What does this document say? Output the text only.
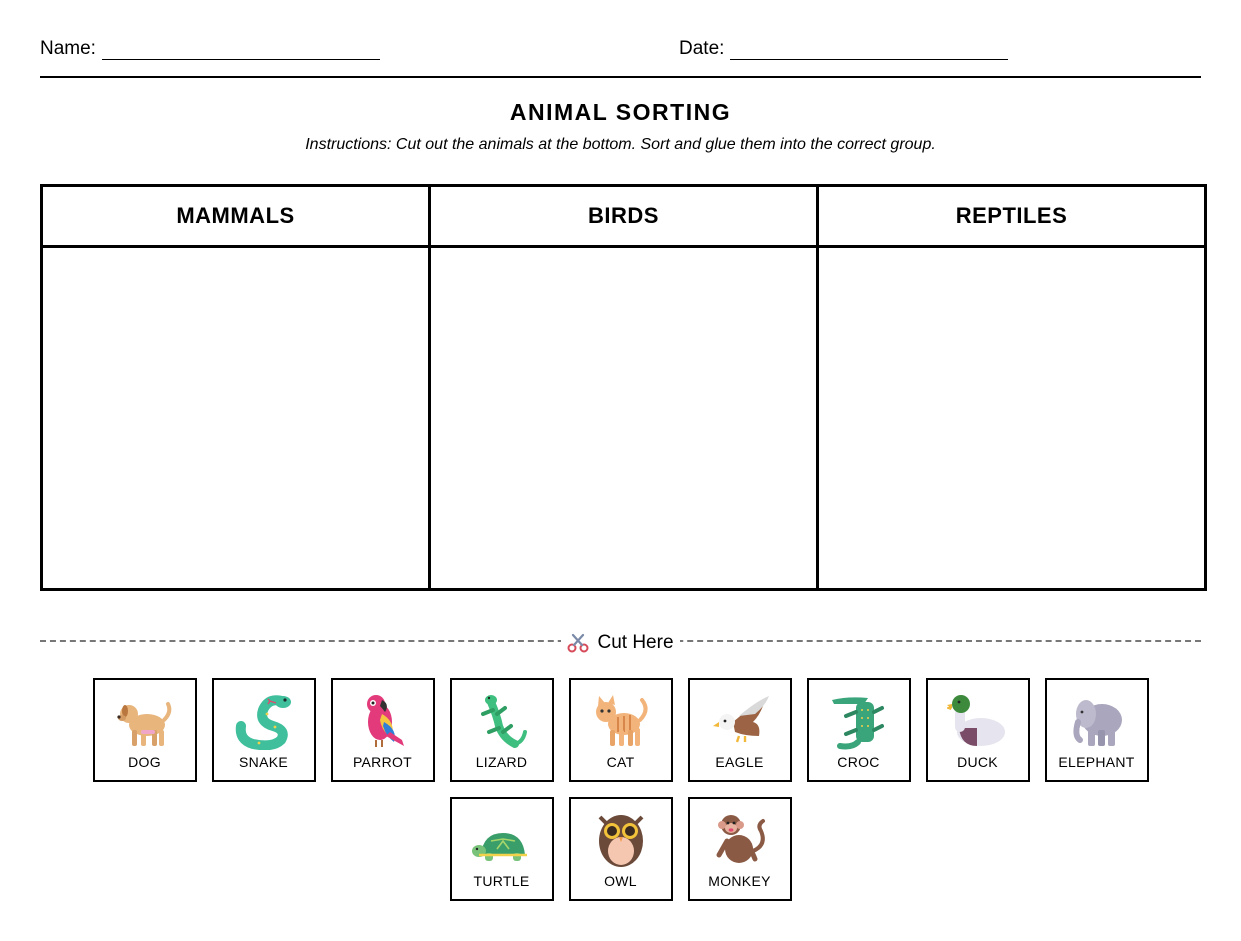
Name:	Date:
ANIMAL SORTING
Instructions: Cut out the animals at the bottom. Sort and glue them into the correct group.
MAMMALS	BIRDS	REPTILES
Cut Here
DOG	SNAKE	PARROT	LIZARD	CAT	EAGLE	CROC	DUCK	ELEPHANT
TURTLE	OWL	MONKEY
